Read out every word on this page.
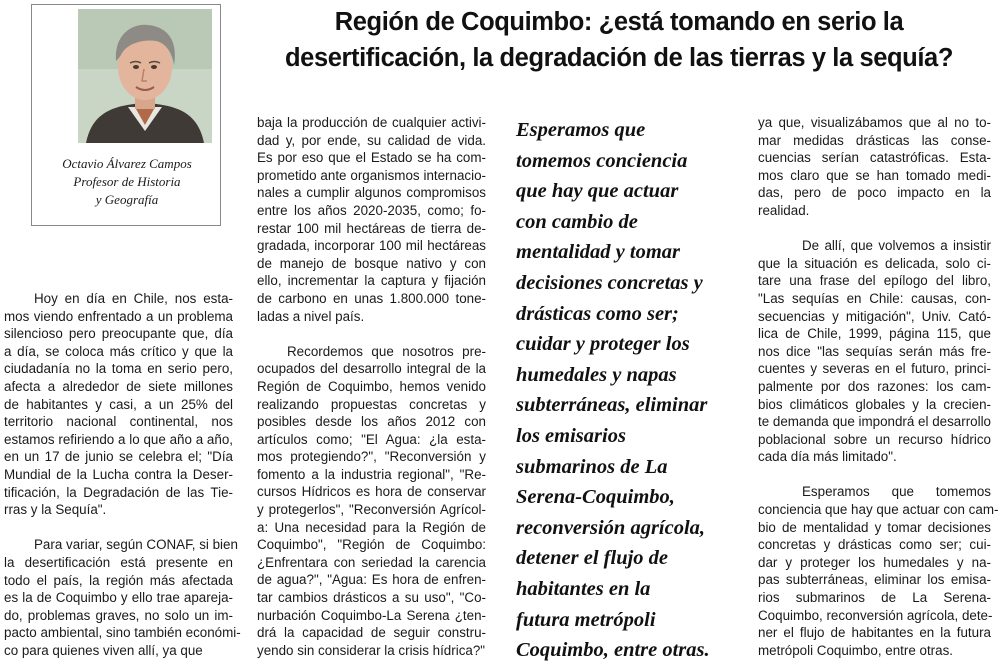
Octavio Álvarez Campos
Profesor de Historia
y Geografía
Región de Coquimbo: ¿está tomando en serio la
desertificación, la degradación de las tierras y la sequía?
Hoy en día en Chile, nos esta-
mos viendo enfrentado a un problema
silencioso pero preocupante que, día
a día, se coloca más crítico y que la
ciudadanía no la toma en serio pero,
afecta a alrededor de siete millones
de habitantes y casi, a un 25% del
territorio nacional continental, nos
estamos refiriendo a lo que año a año,
en un 17 de junio se celebra el; "Día
Mundial de la Lucha contra la Deser-
tificación, la Degradación de las Tie-
rras y la Sequía".
Para variar, según CONAF, si bien
la desertificación está presente en
todo el país, la región más afectada
es la de Coquimbo y ello trae apareja-
do, problemas graves, no solo un im-
pacto ambiental, sino también económi-
co para quienes viven allí, ya que
baja la producción de cualquier activi-
dad y, por ende, su calidad de vida.
Es por eso que el Estado se ha com-
prometido ante organismos internacio-
nales a cumplir algunos compromisos
entre los años 2020-2035, como; fo-
restar 100 mil hectáreas de tierra de-
gradada, incorporar 100 mil hectáreas
de manejo de bosque nativo y con
ello, incrementar la captura y fijación
de carbono en unas 1.800.000 tone-
ladas a nivel país.
Recordemos que nosotros pre-
ocupados del desarrollo integral de la
Región de Coquimbo, hemos venido
realizando propuestas concretas y
posibles desde los años 2012 con
artículos como; "El Agua: ¿la esta-
mos protegiendo?", "Reconversión y
fomento a la industria regional", "Re-
cursos Hídricos es hora de conservar
y protegerlos", "Reconversión Agrícol-
a: Una necesidad para la Región de
Coquimbo", "Región de Coquimbo:
¿Enfrentara con seriedad la carencia
de agua?", "Agua: Es hora de enfren-
tar cambios drásticos a su uso", "Co-
nurbación Coquimbo-La Serena ¿ten-
drá la capacidad de seguir constru-
yendo sin considerar la crisis hídrica?"
Esperamos que
tomemos conciencia
que hay que actuar
con cambio de
mentalidad y tomar
decisiones concretas y
drásticas como ser;
cuidar y proteger los
humedales y napas
subterráneas, eliminar
los emisarios
submarinos de La
Serena-Coquimbo,
reconversión agrícola,
detener el flujo de
habitantes en la
futura metrópoli
Coquimbo, entre otras.
ya que, visualizábamos que al no to-
mar medidas drásticas las conse-
cuencias serían catastróficas. Esta-
mos claro que se han tomado medi-
das, pero de poco impacto en la
realidad.
De allí, que volvemos a insistir
que la situación es delicada, solo ci-
tare una frase del epílogo del libro,
"Las sequías en Chile: causas, con-
secuencias y mitigación", Univ. Cató-
lica de Chile, 1999, página 115, que
nos dice "las sequías serán más fre-
cuentes y severas en el futuro, princi-
palmente por dos razones: los cam-
bios climáticos globales y la crecien-
te demanda que impondrá el desarrollo
poblacional sobre un recurso hídrico
cada día más limitado".
Esperamos que tomemos
conciencia que hay que actuar con cam-
bio de mentalidad y tomar decisiones
concretas y drásticas como ser; cui-
dar y proteger los humedales y na-
pas subterráneas, eliminar los emisa-
rios submarinos de La Serena-
Coquimbo, reconversión agrícola, dete-
ner el flujo de habitantes en la futura
metrópoli Coquimbo, entre otras.
